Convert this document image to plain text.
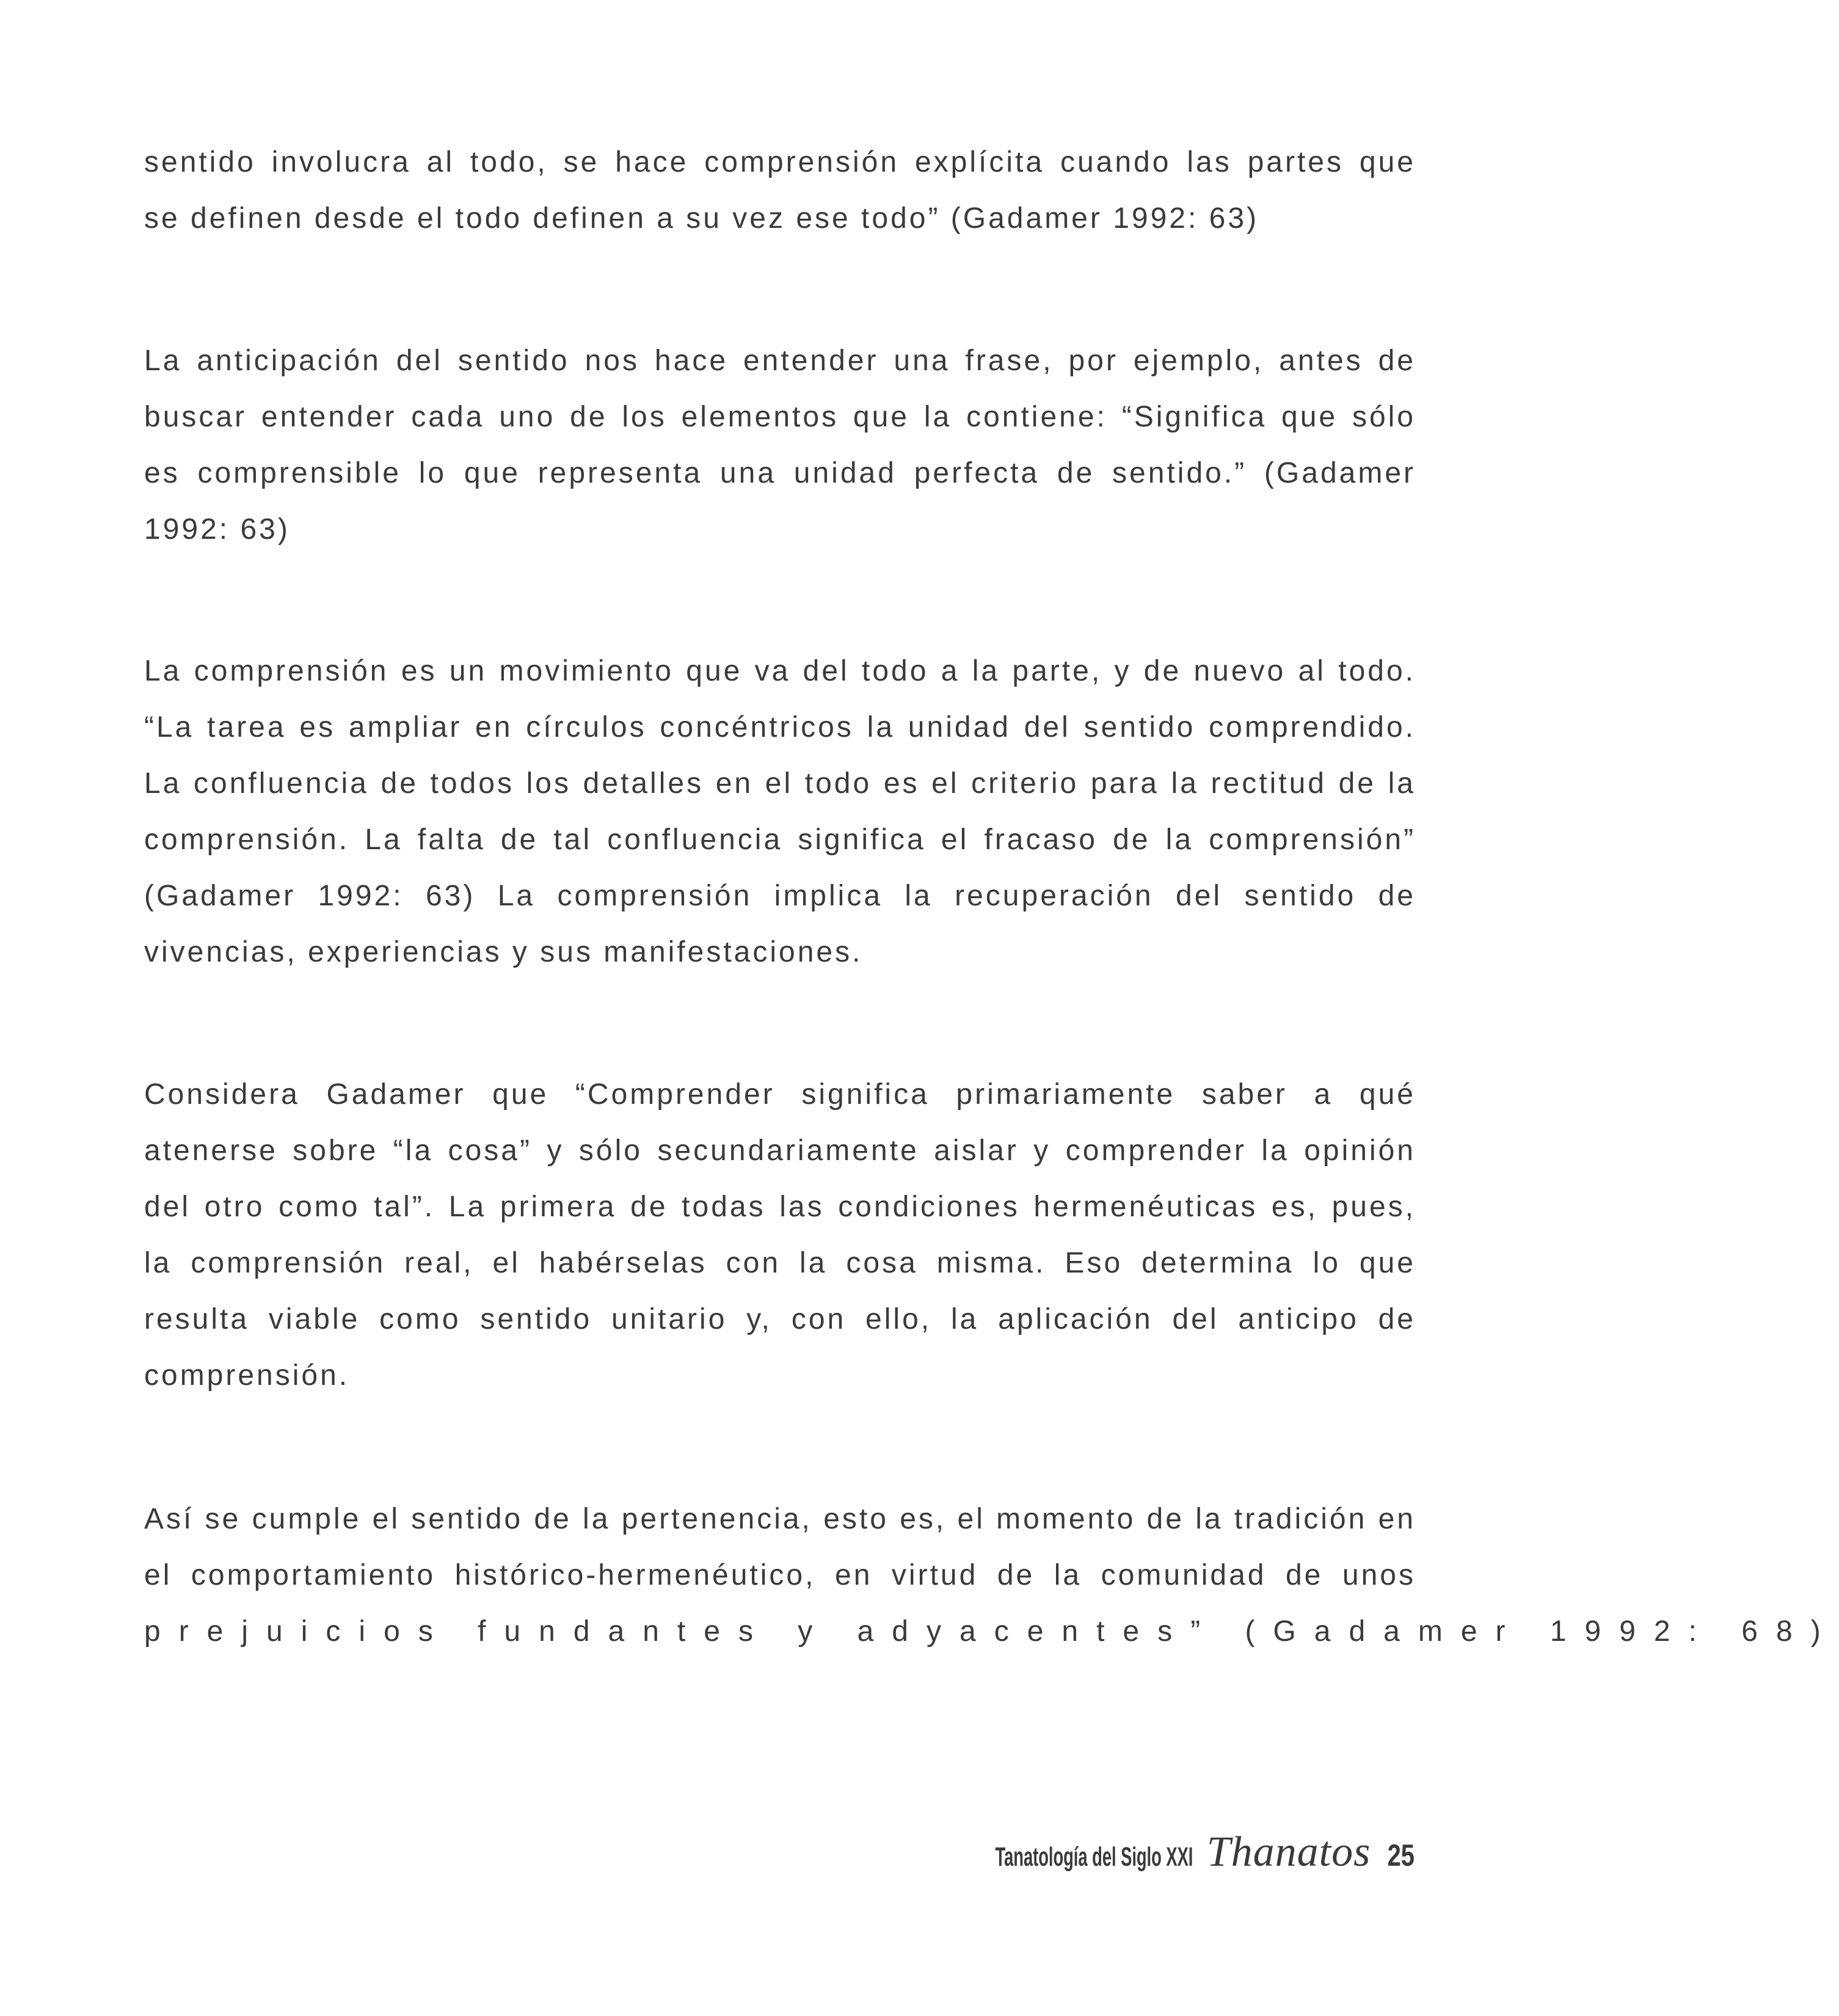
sentido involucra al todo, se hace comprensión explícita cuando las partes que
se definen desde el todo definen a su vez ese todo” (Gadamer 1992: 63)
La anticipación del sentido nos hace entender una frase, por ejemplo, antes de
buscar entender cada uno de los elementos que la contiene: “Significa que sólo
es comprensible lo que representa una unidad perfecta de sentido.” (Gadamer
1992: 63)
La comprensión es un movimiento que va del todo a la parte, y de nuevo al todo.
“La tarea es ampliar en círculos concéntricos la unidad del sentido comprendido.
La confluencia de todos los detalles en el todo es el criterio para la rectitud de la
comprensión. La falta de tal confluencia significa el fracaso de la comprensión”
(Gadamer 1992: 63) La comprensión implica la recuperación del sentido de
vivencias, experiencias y sus manifestaciones.
Considera Gadamer que “Comprender significa primariamente saber a qué
atenerse sobre “la cosa” y sólo secundariamente aislar y comprender la opinión
del otro como tal”. La primera de todas las condiciones hermenéuticas es, pues,
la comprensión real, el habérselas con la cosa misma. Eso determina lo que
resulta viable como sentido unitario y, con ello, la aplicación del anticipo de
comprensión.
Así se cumple el sentido de la pertenencia, esto es, el momento de la tradición en
el comportamiento histórico-hermenéutico, en virtud de la comunidad de unos
prejuicios fundantes y adyacentes” (Gadamer 1992: 68)
Tanatología del Siglo XXI Thanatos 25
